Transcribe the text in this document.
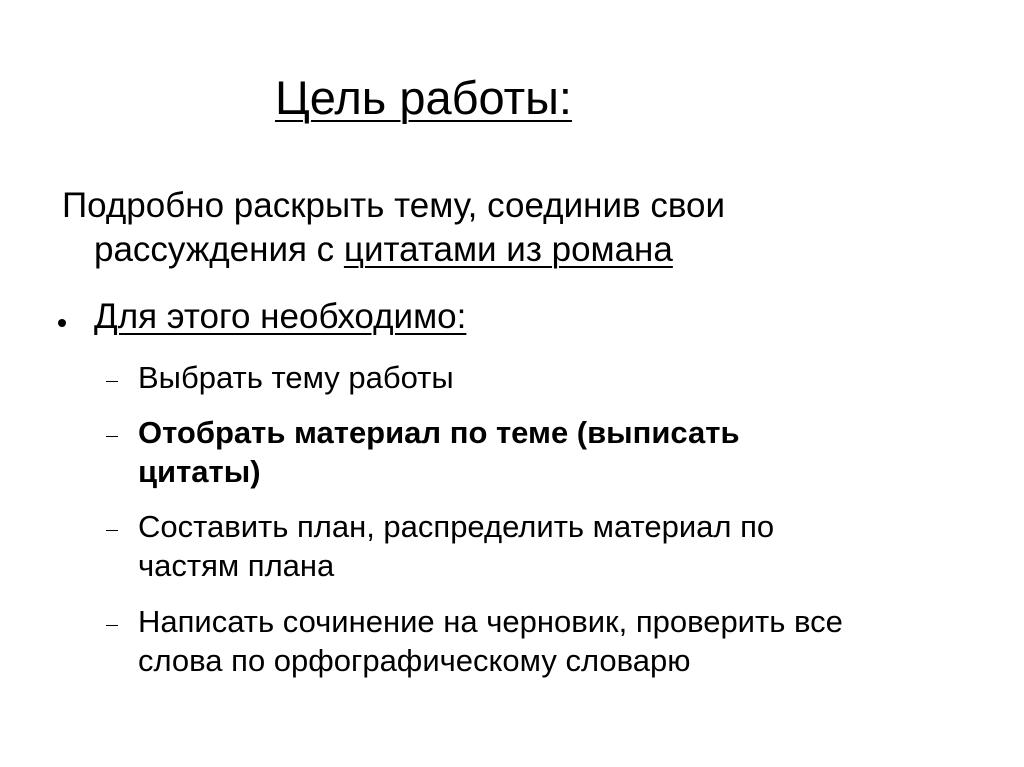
Цель работы:
Подробно раскрыть тему, соединив свои
рассуждения с цитатами из романа
Для этого необходимо:
Выбрать тему работы
Отобрать материал по теме (выписать
цитаты)
Составить план, распределить материал по
частям плана
Написать сочинение на черновик, проверить все
слова по орфографическому словарю
